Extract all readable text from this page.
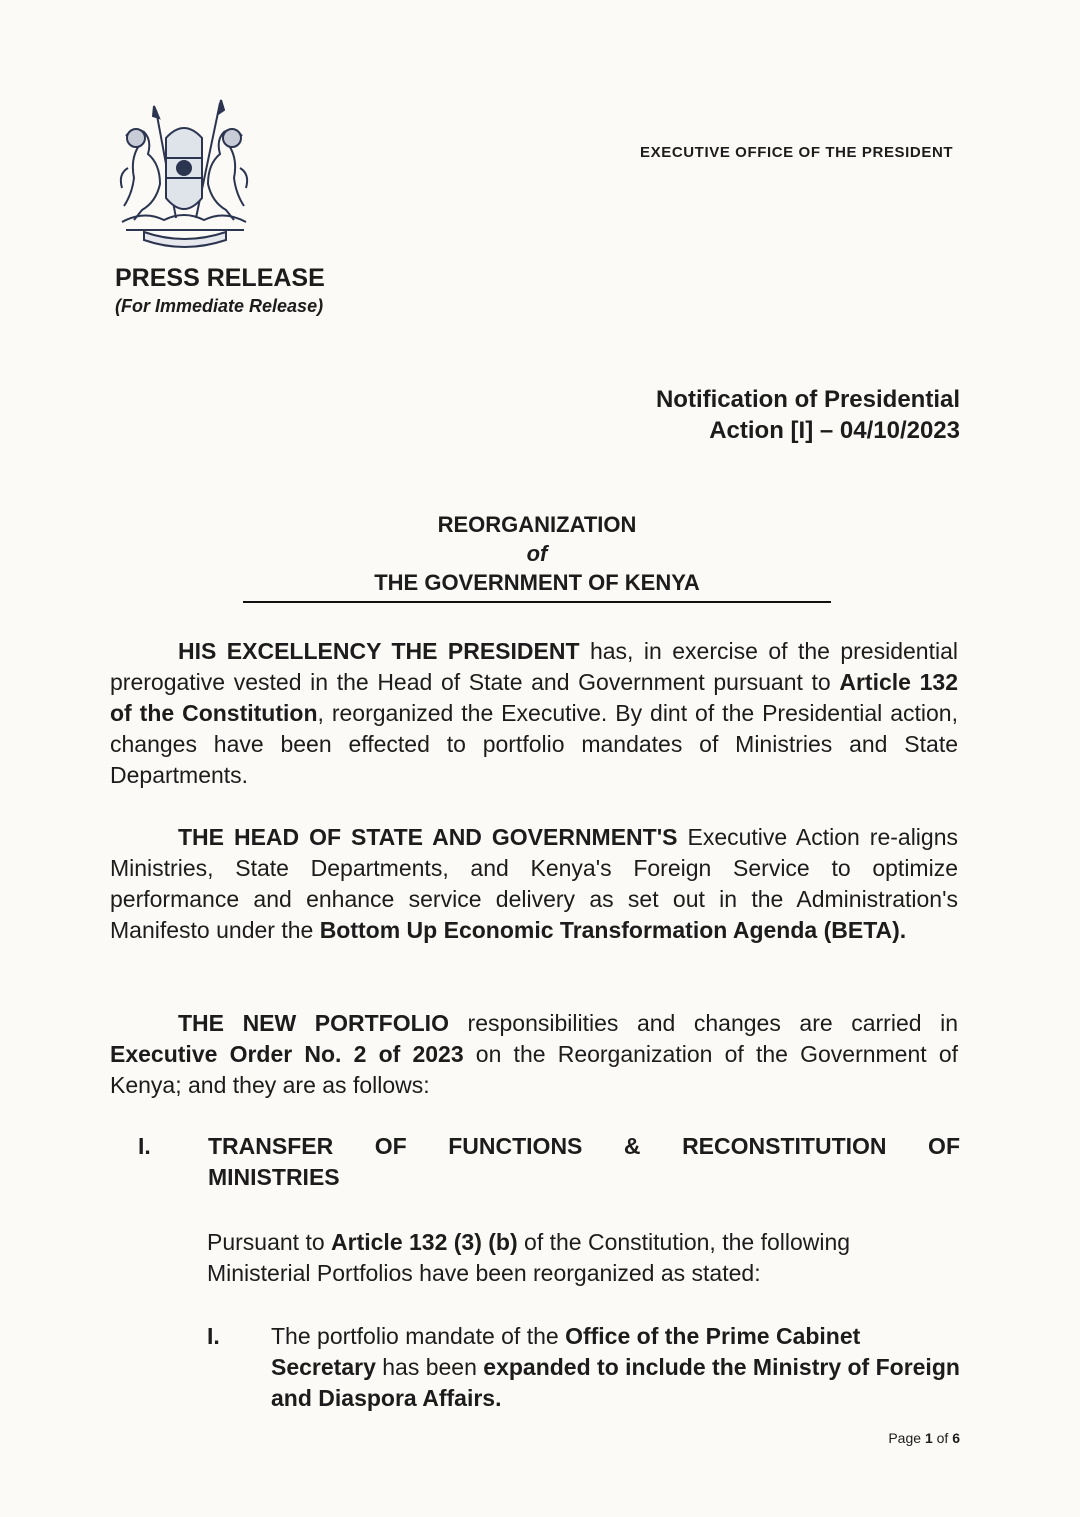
EXECUTIVE OFFICE OF THE PRESIDENT
PRESS RELEASE
(For Immediate Release)
Notification of Presidential
Action [I] – 04/10/2023
REORGANIZATION
of
THE GOVERNMENT OF KENYA
HIS EXCELLENCY THE PRESIDENT has, in exercise of the presidential prerogative vested in the Head of State and Government pursuant to Article 132 of the Constitution, reorganized the Executive. By dint of the Presidential action, changes have been effected to portfolio mandates of Ministries and State Departments.
THE HEAD OF STATE AND GOVERNMENT'S Executive Action re-aligns Ministries, State Departments, and Kenya's Foreign Service to optimize performance and enhance service delivery as set out in the Administration's Manifesto under the Bottom Up Economic Transformation Agenda (BETA).
THE NEW PORTFOLIO responsibilities and changes are carried in Executive Order No. 2 of 2023 on the Reorganization of the Government of Kenya; and they are as follows:
I. TRANSFER OF FUNCTIONS & RECONSTITUTION OF
MINISTRIES
Pursuant to Article 132 (3) (b) of the Constitution, the following Ministerial Portfolios have been reorganized as stated:
I. The portfolio mandate of the Office of the Prime Cabinet Secretary has been expanded to include the Ministry of Foreign and Diaspora Affairs.
Page 1 of 6
